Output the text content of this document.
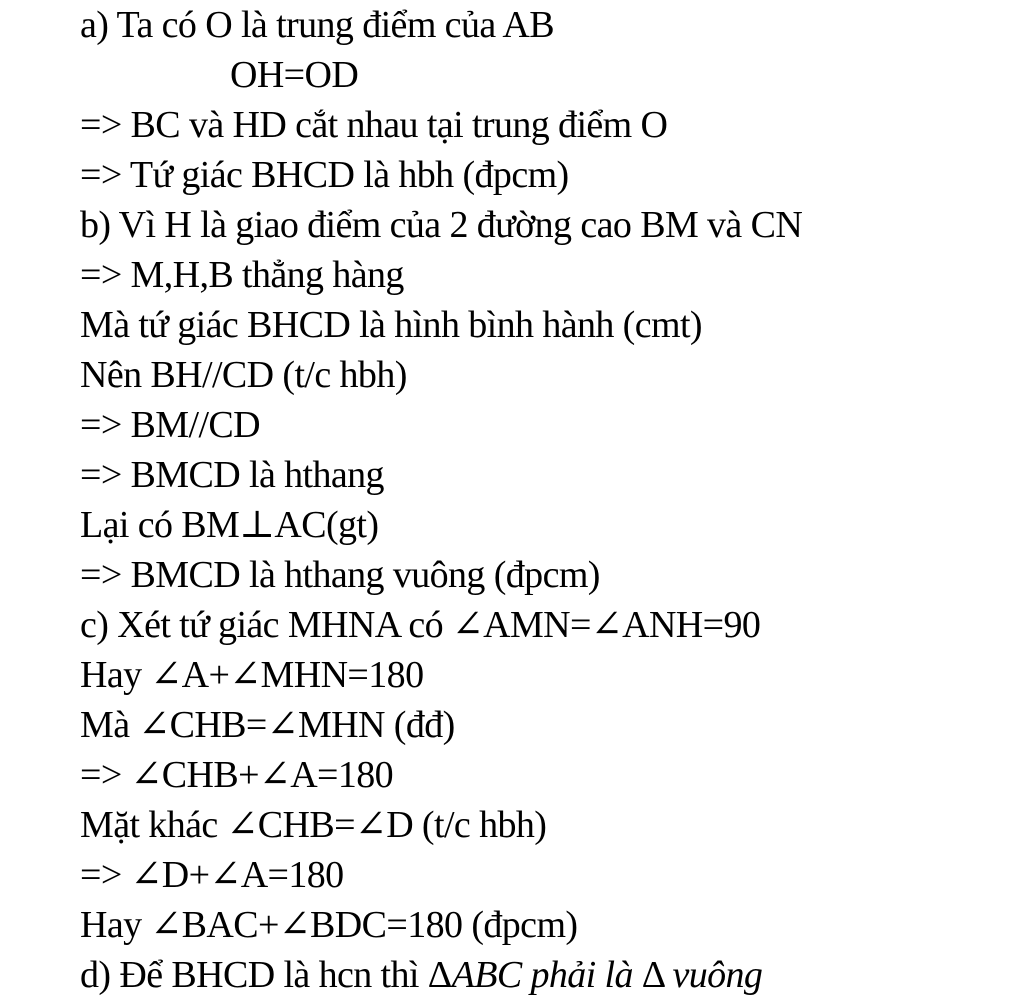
a) Ta có O là trung điểm của AB
OH=OD
=> BC và HD cắt nhau tại trung điểm O
=> Tứ giác BHCD là hbh (đpcm)
b) Vì H là giao điểm của 2 đường cao BM và CN
=> M,H,B thẳng hàng
Mà tứ giác BHCD là hình bình hành (cmt)
Nên BH//CD (t/c hbh)
=> BM//CD
=> BMCD là hthang
Lại có BM⊥AC(gt)
=> BMCD là hthang vuông (đpcm)
c) Xét tứ giác MHNA có ∠AMN=∠ANH=90
Hay ∠A+∠MHN=180
Mà ∠CHB=∠MHN (đđ)
=> ∠CHB+∠A=180
Mặt khác ∠CHB=∠D (t/c hbh)
=> ∠D+∠A=180
Hay ∠BAC+∠BDC=180 (đpcm)
d) Để BHCD là hcn thì ΔABC phải là Δ vuông
